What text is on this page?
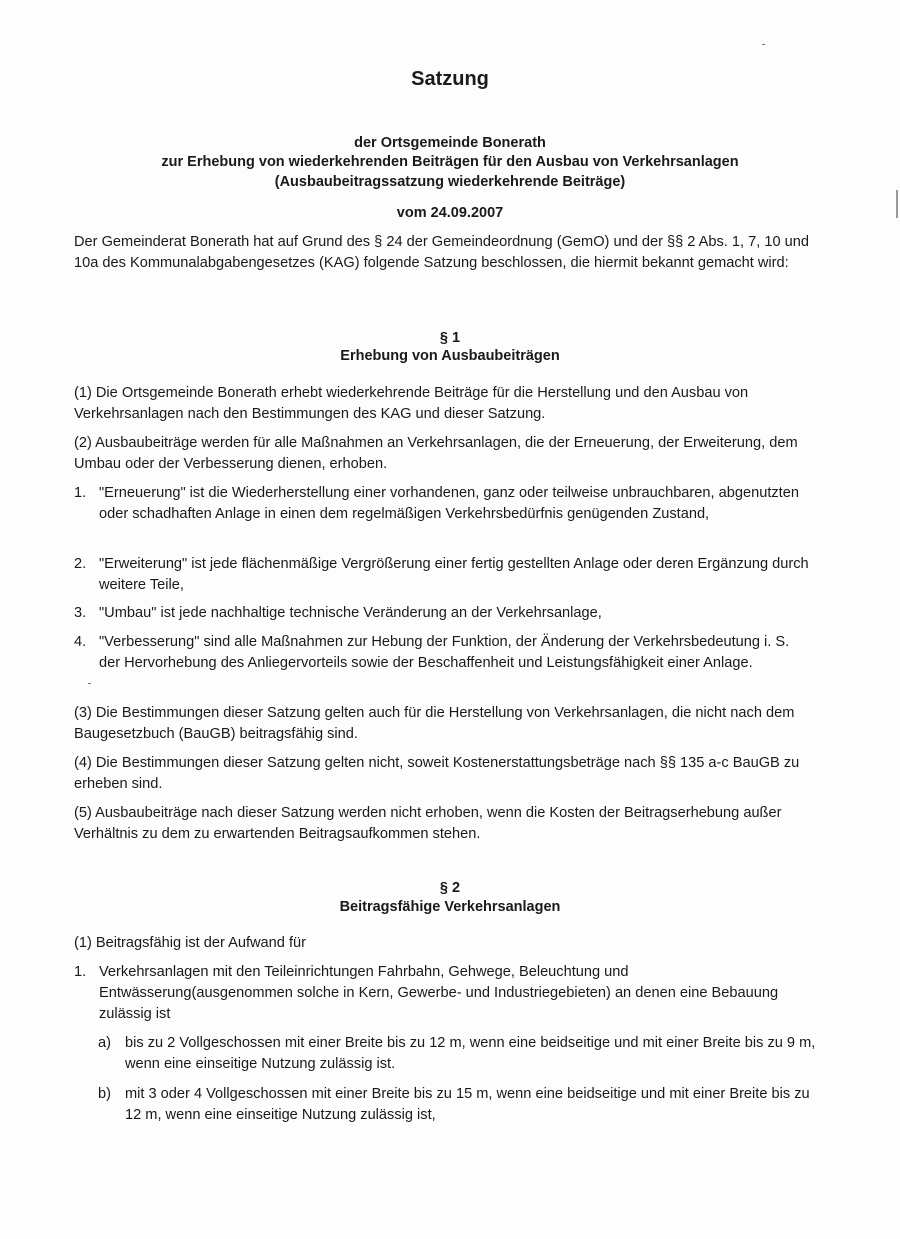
Satzung
der Ortsgemeinde Bonerath
zur Erhebung von wiederkehrenden Beiträgen für den Ausbau von Verkehrsanlagen
(Ausbaubeitragssatzung wiederkehrende Beiträge)
vom 24.09.2007
Der Gemeinderat Bonerath hat auf Grund des § 24 der Gemeindeordnung (GemO) und der §§ 2 Abs. 1, 7, 10 und 10a des Kommunalabgabengesetzes (KAG) folgende Satzung beschlossen, die hiermit bekannt gemacht wird:
§ 1
Erhebung von Ausbaubeiträgen
(1) Die Ortsgemeinde Bonerath erhebt wiederkehrende Beiträge für die Herstellung und den Ausbau von Verkehrsanlagen nach den Bestimmungen des KAG und dieser Satzung.
(2) Ausbaubeiträge werden für alle Maßnahmen an Verkehrsanlagen, die der Erneuerung, der Erweiterung, dem Umbau oder der Verbesserung dienen, erhoben.
1. "Erneuerung" ist die Wiederherstellung einer vorhandenen, ganz oder teilweise unbrauchbaren, abgenutzten oder schadhaften Anlage in einen dem regelmäßigen Verkehrsbedürfnis genügenden Zustand,
2. "Erweiterung" ist jede flächenmäßige Vergrößerung einer fertig gestellten Anlage oder deren Ergänzung durch weitere Teile,
3. "Umbau" ist jede nachhaltige technische Veränderung an der Verkehrsanlage,
4. "Verbesserung" sind alle Maßnahmen zur Hebung der Funktion, der Änderung der Verkehrsbedeutung i. S. der Hervorhebung des Anliegervorteils sowie der Beschaffenheit und Leistungsfähigkeit einer Anlage.
(3) Die Bestimmungen dieser Satzung gelten auch für die Herstellung von Verkehrsanlagen, die nicht nach dem Baugesetzbuch (BauGB) beitragsfähig sind.
(4) Die Bestimmungen dieser Satzung gelten nicht, soweit Kostenerstattungsbeträge nach §§ 135 a-c BauGB zu erheben sind.
(5) Ausbaubeiträge nach dieser Satzung werden nicht erhoben, wenn die Kosten der Beitragserhebung außer Verhältnis zu dem zu erwartenden Beitragsaufkommen stehen.
§ 2
Beitragsfähige Verkehrsanlagen
(1) Beitragsfähig ist der Aufwand für
1. Verkehrsanlagen mit den Teileinrichtungen Fahrbahn, Gehwege, Beleuchtung und Entwässerung(ausgenommen solche in Kern, Gewerbe- und Industriegebieten) an denen eine Bebauung zulässig ist
a) bis zu 2 Vollgeschossen mit einer Breite bis zu 12 m, wenn eine beidseitige und mit einer Breite bis zu 9 m, wenn eine einseitige Nutzung zulässig ist.
b) mit 3 oder 4 Vollgeschossen mit einer Breite bis zu 15 m, wenn eine beidseitige und mit einer Breite bis zu 12 m, wenn eine einseitige Nutzung zulässig ist,
